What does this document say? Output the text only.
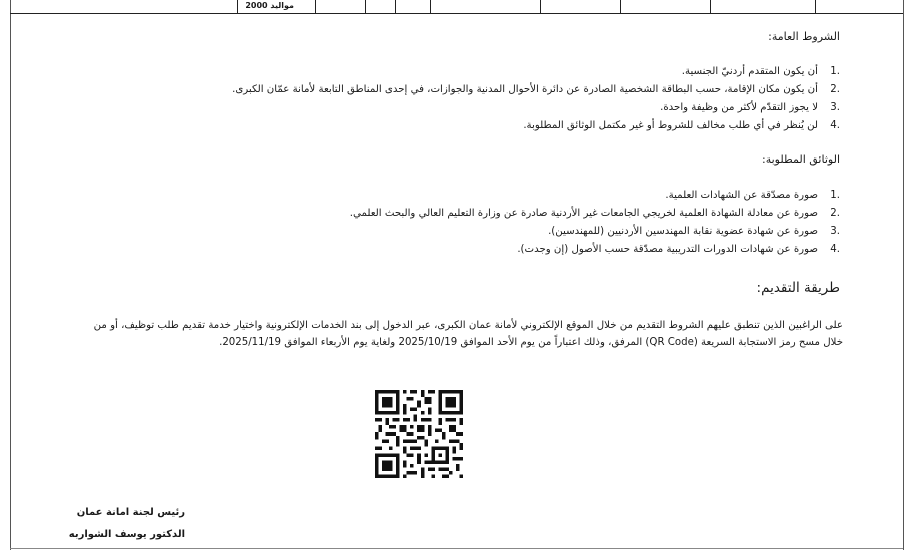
مواليد 2000
الشروط العامة:
.1أن يكون المتقدم أردنيّ الجنسية.
.2أن يكون مكان الإقامة، حسب البطاقة الشخصية الصادرة عن دائرة الأحوال المدنية والجوازات، في إحدى المناطق التابعة لأمانة عمّان الكبرى.
.3لا يجوز التقدّم لأكثر من وظيفة واحدة.
.4لن يُنظر في أي طلب مخالف للشروط أو غير مكتمل الوثائق المطلوبة.
الوثائق المطلوبة:
.1صورة مصدّقة عن الشهادات العلمية.
.2صورة عن معادلة الشهادة العلمية لخريجي الجامعات غير الأردنية صادرة عن وزارة التعليم العالي والبحث العلمي.
.3صورة عن شهادة عضوية نقابة المهندسين الأردنيين (للمهندسين).
.4صورة عن شهادات الدورات التدريبية مصدّقة حسب الأصول (إن وجدت).
طريقة التقديم:
على الراغبين الذين تنطبق عليهم الشروط التقديم من خلال الموقع الإلكتروني لأمانة عمان الكبرى، عبر الدخول إلى بند الخدمات الإلكترونية واختيار خدمة تقديم طلب توظيف، أو من خلال مسح رمز الاستجابة السريعة (QR Code) المرفق، وذلك اعتباراً من يوم الأحد الموافق 2025/10/19 ولغاية يوم الأربعاء الموافق 2025/11/19.
رئيس لجنة امانة عمان
الدكتور يوسف الشواربه
